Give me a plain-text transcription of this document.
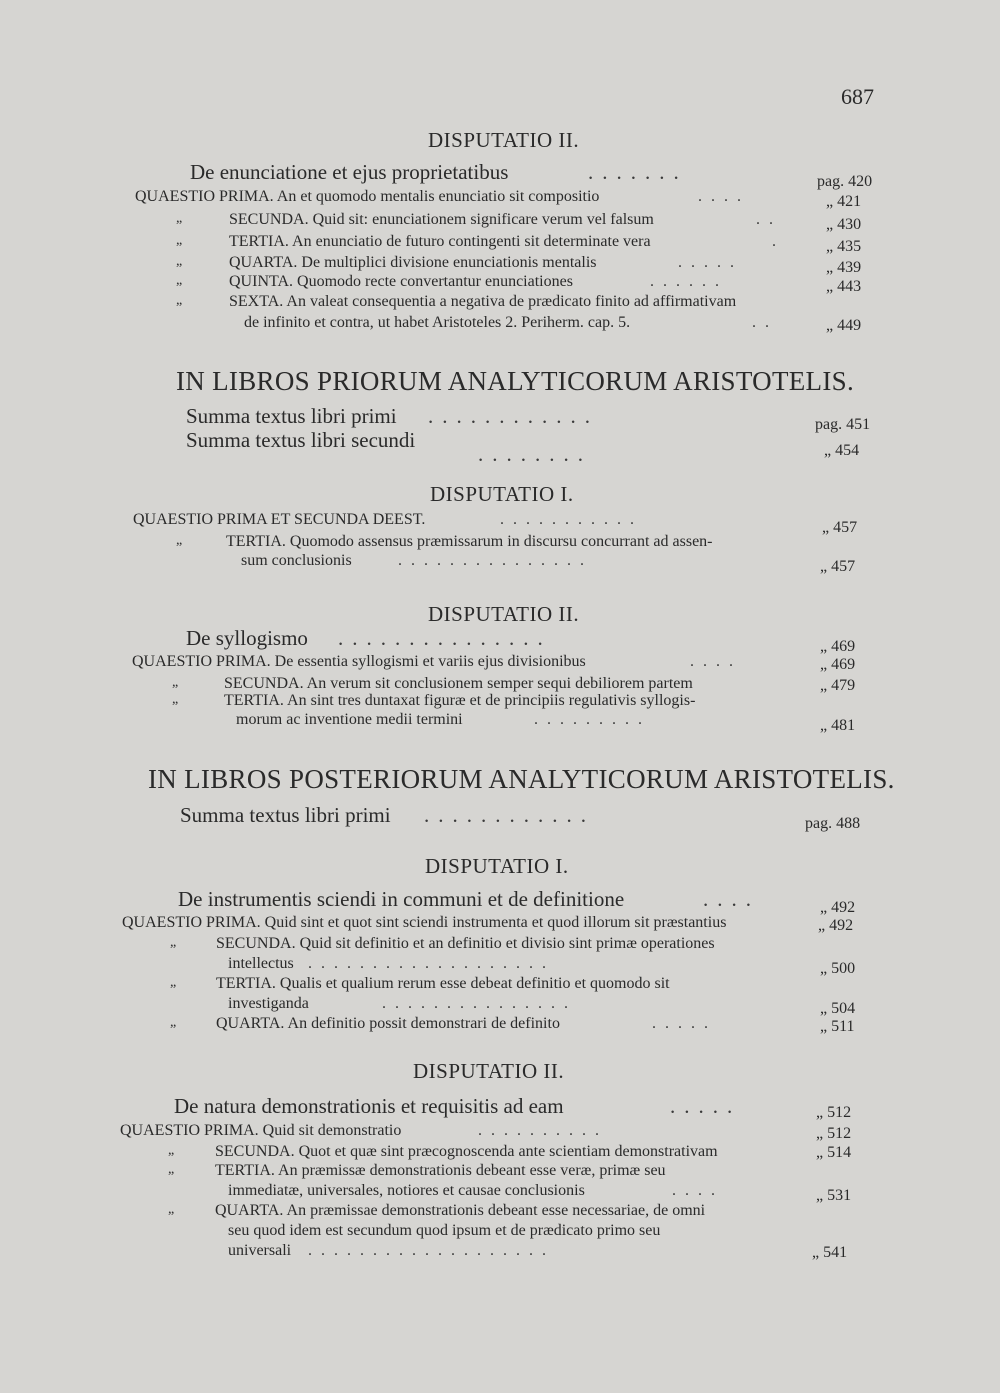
687
DISPUTATIO II.
De enunciatione et ejus proprietatibus	.......	pag. 420
QUAESTIO PRIMA. An et quomodo mentalis enunciatio sit compositio	....	„ 421
„	SECUNDA. Quid sit: enunciationem significare verum vel falsum	..	„ 430
„	TERTIA. An enunciatio de futuro contingenti sit determinate vera	.	„ 435
„	QUARTA. De multiplici divisione enunciationis mentalis	.....	„ 439
„	QUINTA. Quomodo recte convertantur enunciationes	......	„ 443
„	SEXTA. An valeat consequentia a negativa de prædicato finito ad affirmativam
de infinito et contra, ut habet Aristoteles 2. Periherm. cap. 5.	..	„ 449
IN LIBROS PRIORUM ANALYTICORUM ARISTOTELIS.
Summa textus libri primi ............	pag. 451
Summa textus libri secundi
........	„ 454
DISPUTATIO I.
QUAESTIO PRIMA ET SECUNDA DEEST.	...........	„ 457
„	TERTIA. Quomodo assensus præmissarum in discursu concurrant ad assen-
sum conclusionis	...............	„ 457
DISPUTATIO II.
De syllogismo ...............	„ 469
QUAESTIO PRIMA. De essentia syllogismi et variis ejus divisionibus	....	„ 469
„	SECUNDA. An verum sit conclusionem semper sequi debiliorem partem	„ 479
„	TERTIA. An sint tres duntaxat figuræ et de principiis regulativis syllogis-
morum ac inventione medii termini	.........	„ 481
IN LIBROS POSTERIORUM ANALYTICORUM ARISTOTELIS.
Summa textus libri primi ............	pag. 488
DISPUTATIO I.
De instrumentis sciendi in communi et de definitione	....	„ 492
QUAESTIO PRIMA. Quid sint et quot sint sciendi instrumenta et quod illorum sit præstantius	„ 492
„ SECUNDA. Quid sit definitio et an definitio et divisio sint primæ operationes
intellectus ...................	„ 500
„ TERTIA. Qualis et qualium rerum esse debeat definitio et quomodo sit
investiganda	...............	„ 504
„ QUARTA. An definitio possit demonstrari de definito	.....	„ 511
DISPUTATIO II.
De natura demonstrationis et requisitis ad eam	.....	„ 512
QUAESTIO PRIMA. Quid sit demonstratio	..........	„ 512
„	SECUNDA. Quot et quæ sint præcognoscenda ante scientiam demonstrativam	„ 514
„	TERTIA. An præmissæ demonstrationis debeant esse veræ, primæ seu
immediatæ, universales, notiores et causae conclusionis	....	„ 531
„	QUARTA. An præmissae demonstrationis debeant esse necessariae, de omni
seu quod idem est secundum quod ipsum et de prædicato primo seu
universali ...................	„ 541
